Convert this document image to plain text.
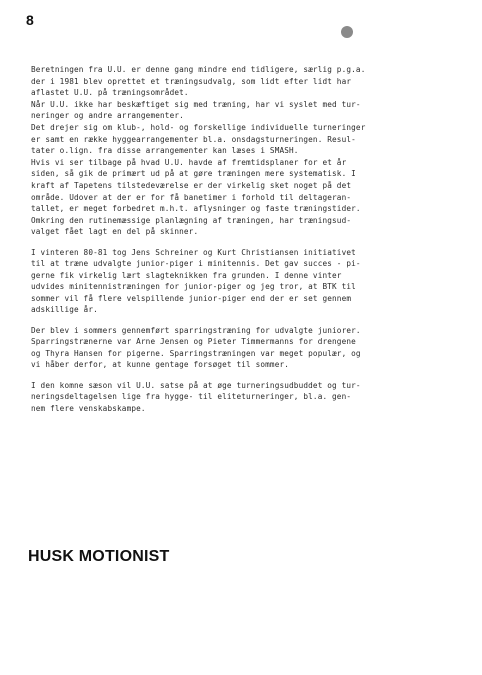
8

Beretningen fra U.U. er denne gang mindre end tidligere, særlig p.g.a.
der i 1981 blev oprettet et træningsudvalg, som lidt efter lidt har
aflastet U.U. på træningsområdet.
Når U.U. ikke har beskæftiget sig med træning, har vi syslet med tur-
neringer og andre arrangementer.
Det drejer sig om klub-, hold- og forskellige individuelle turneringer
er samt en række hyggearrangementer bl.a. onsdagsturneringen. Resul-
tater o.lign. fra disse arrangementer kan læses i SMASH.
Hvis vi ser tilbage på hvad U.U. havde af fremtidsplaner for et år
siden, så gik de primært ud på at gøre træningen mere systematisk. I
kraft af Tapetens tilstedeværelse er der virkelig sket noget på det
område. Udover at der er for få banetimer i forhold til deltageran-
tallet, er meget forbedret m.h.t. aflysninger og faste træningstider.
Omkring den rutinemæssige planlægning af træningen, har træningsud-
valget fået lagt en del på skinner.

I vinteren 80-81 tog Jens Schreiner og Kurt Christiansen initiativet
til at træne udvalgte junior-piger i minitennis. Det gav succes - pi-
gerne fik virkelig lært slagteknikken fra grunden. I denne vinter
udvides minitennistræningen for junior-piger og jeg tror, at BTK til
sommer vil få flere velspillende junior-piger end der er set gennem
adskillige år.

Der blev i sommers gennemført sparringstræning for udvalgte juniorer.
Sparringstrænerne var Arne Jensen og Pieter Timmermanns for drengene
og Thyra Hansen for pigerne. Sparringstræningen var meget populær, og
vi håber derfor, at kunne gentage forsøget til sommer.

I den komne sæson vil U.U. satse på at øge turneringsudbuddet og tur-
neringsdeltagelsen lige fra hygge- til eliteturneringer, bl.a. gen-
nem flere venskabskampe.

HUSK MOTIONIST
